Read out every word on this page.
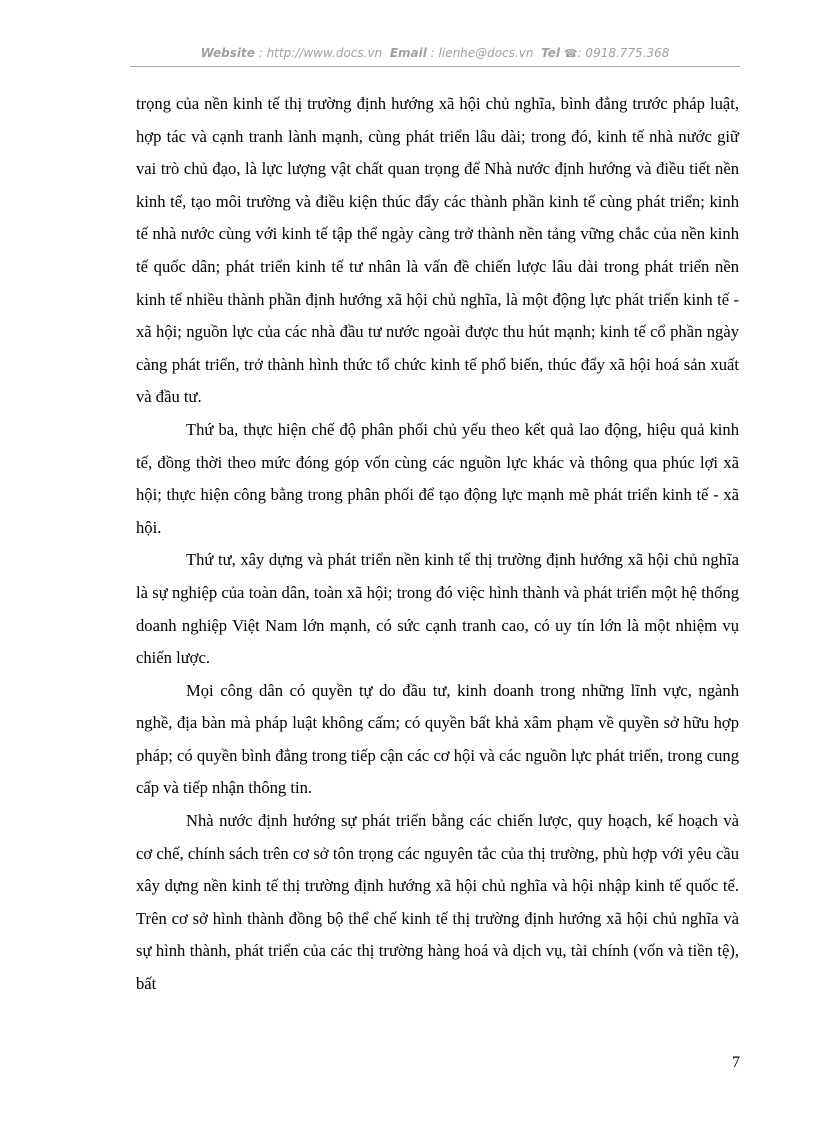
Website : http://www.docs.vn Email : lienhe@docs.vn Tel ☎: 0918.775.368

trọng của nền kinh tế thị trường định hướng xã hội chủ nghĩa, bình đẳng trước pháp luật, hợp tác và cạnh tranh lành mạnh, cùng phát triển lâu dài; trong đó, kinh tế nhà nước giữ vai trò chủ đạo, là lực lượng vật chất quan trọng để Nhà nước định hướng và điều tiết nền kinh tế, tạo môi trường và điều kiện thúc đẩy các thành phần kinh tế cùng phát triển; kinh tế nhà nước cùng với kinh tế tập thể ngày càng trở thành nền tảng vững chắc của nền kinh tế quốc dân; phát triển kinh tế tư nhân là vấn đề chiến lược lâu dài trong phát triển nền kinh tế nhiều thành phần định hướng xã hội chủ nghĩa, là một động lực phát triển kinh tế - xã hội; nguồn lực của các nhà đầu tư nước ngoài được thu hút mạnh; kinh tế cổ phần ngày càng phát triển, trở thành hình thức tổ chức kinh tế phổ biến, thúc đẩy xã hội hoá sản xuất và đầu tư.

Thứ ba, thực hiện chế độ phân phối chủ yếu theo kết quả lao động, hiệu quả kinh tế, đồng thời theo mức đóng góp vốn cùng các nguồn lực khác và thông qua phúc lợi xã hội; thực hiện công bằng trong phân phối để tạo động lực mạnh mẽ phát triển kinh tế - xã hội.

Thứ tư, xây dựng và phát triển nền kinh tế thị trường định hướng xã hội chủ nghĩa là sự nghiệp của toàn dân, toàn xã hội; trong đó việc hình thành và phát triển một hệ thống doanh nghiệp Việt Nam lớn mạnh, có sức cạnh tranh cao, có uy tín lớn là một nhiệm vụ chiến lược.

Mọi công dân có quyền tự do đầu tư, kinh doanh trong những lĩnh vực, ngành nghề, địa bàn mà pháp luật không cấm; có quyền bất khả xâm phạm về quyền sở hữu hợp pháp; có quyền bình đẳng trong tiếp cận các cơ hội và các nguồn lực phát triển, trong cung cấp và tiếp nhận thông tin.

Nhà nước định hướng sự phát triển bằng các chiến lược, quy hoạch, kế hoạch và cơ chế, chính sách trên cơ sở tôn trọng các nguyên tắc của thị trường, phù hợp với yêu cầu xây dựng nền kinh tế thị trường định hướng xã hội chủ nghĩa và hội nhập kinh tế quốc tế. Trên cơ sở hình thành đồng bộ thể chế kinh tế thị trường định hướng xã hội chủ nghĩa và sự hình thành, phát triển của các thị trường hàng hoá và dịch vụ, tài chính (vốn và tiền tệ), bất

7
